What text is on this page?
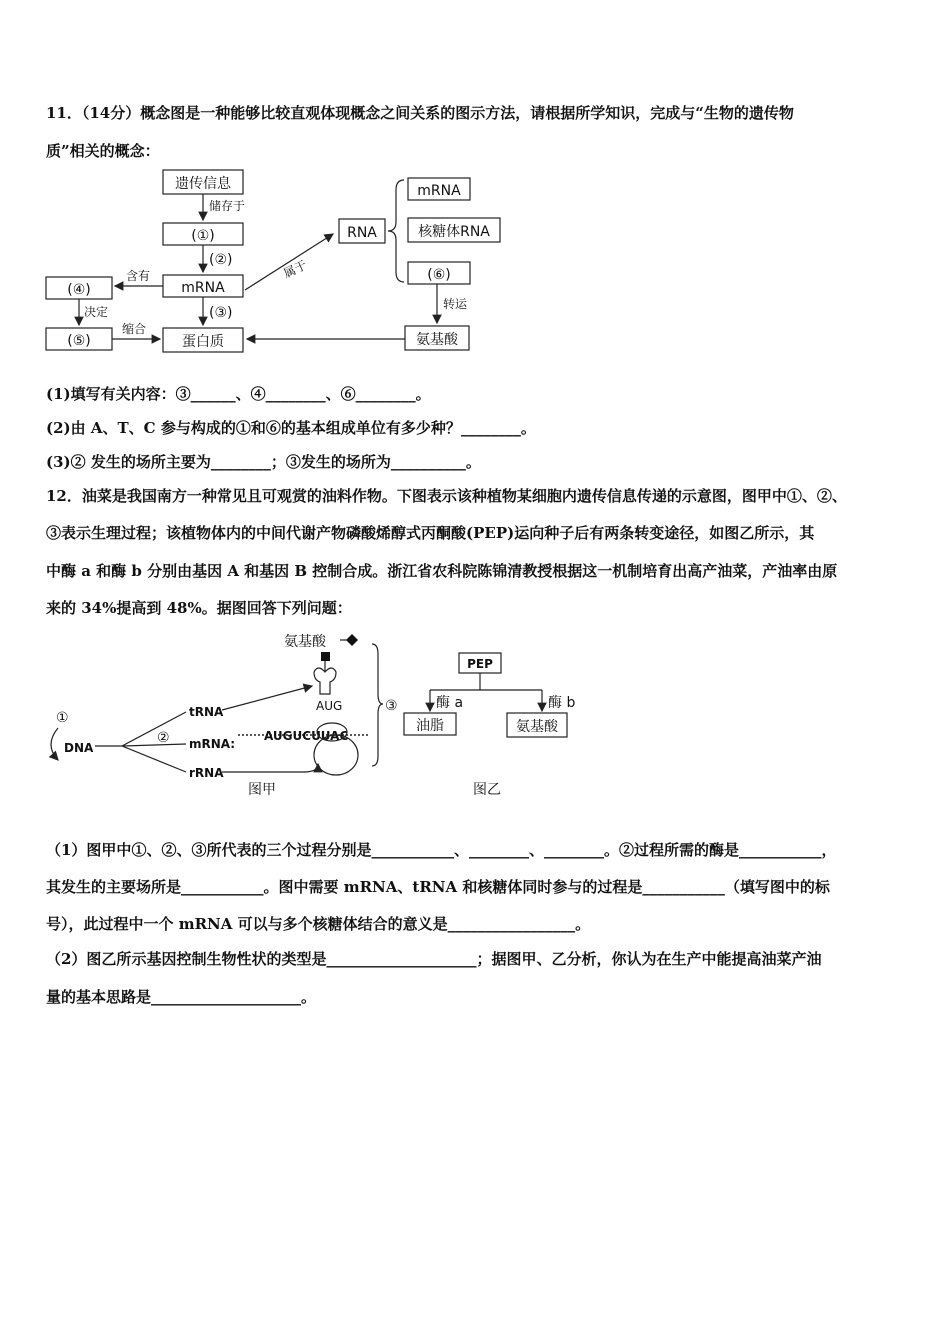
11．（14分）概念图是一种能够比较直观体现概念之间关系的图示方法，请根据所学知识，完成与“生物的遗传物
质”相关的概念：
遗传信息
储存于
(①)
(②)
mRNA
(③)
蛋白质
(④)
含有
决定
(⑤)
缩合
属于
RNA
mRNA
核糖体RNA
(⑥)
转运
氨基酸
(1)填写有关内容：③______、④________、⑥________。
(2)由 A、T、C 参与构成的①和⑥的基本组成单位有多少种？________。
(3)② 发生的场所主要为________；③发生的场所为__________。
12．油菜是我国南方一种常见且可观赏的油料作物。下图表示该种植物某细胞内遗传信息传递的示意图，图甲中①、②、
③表示生理过程；该植物体内的中间代谢产物磷酸烯醇式丙酮酸(PEP)运向种子后有两条转变途径，如图乙所示，其
中酶 a 和酶 b 分别由基因 A 和基因 B 控制合成。浙江省农科院陈锦清教授根据这一机制培育出高产油菜，产油率由原
来的 34%提高到 48%。据图回答下列问题：
氨基酸
AUG
①
DNA
②
tRNA
mRNA:
rRNA
AUGUCUUAC
③
图甲
PEP
酶 a	酶 b
油脂	氨基酸
图乙
（1）图甲中①、②、③所代表的三个过程分别是___________、________、________。②过程所需的酶是___________，
其发生的主要场所是___________。图中需要 mRNA、tRNA 和核糖体同时参与的过程是___________（填写图中的标
号），此过程中一个 mRNA 可以与多个核糖体结合的意义是_________________。
（2）图乙所示基因控制生物性状的类型是____________________；据图甲、乙分析，你认为在生产中能提高油菜产油
量的基本思路是____________________。
